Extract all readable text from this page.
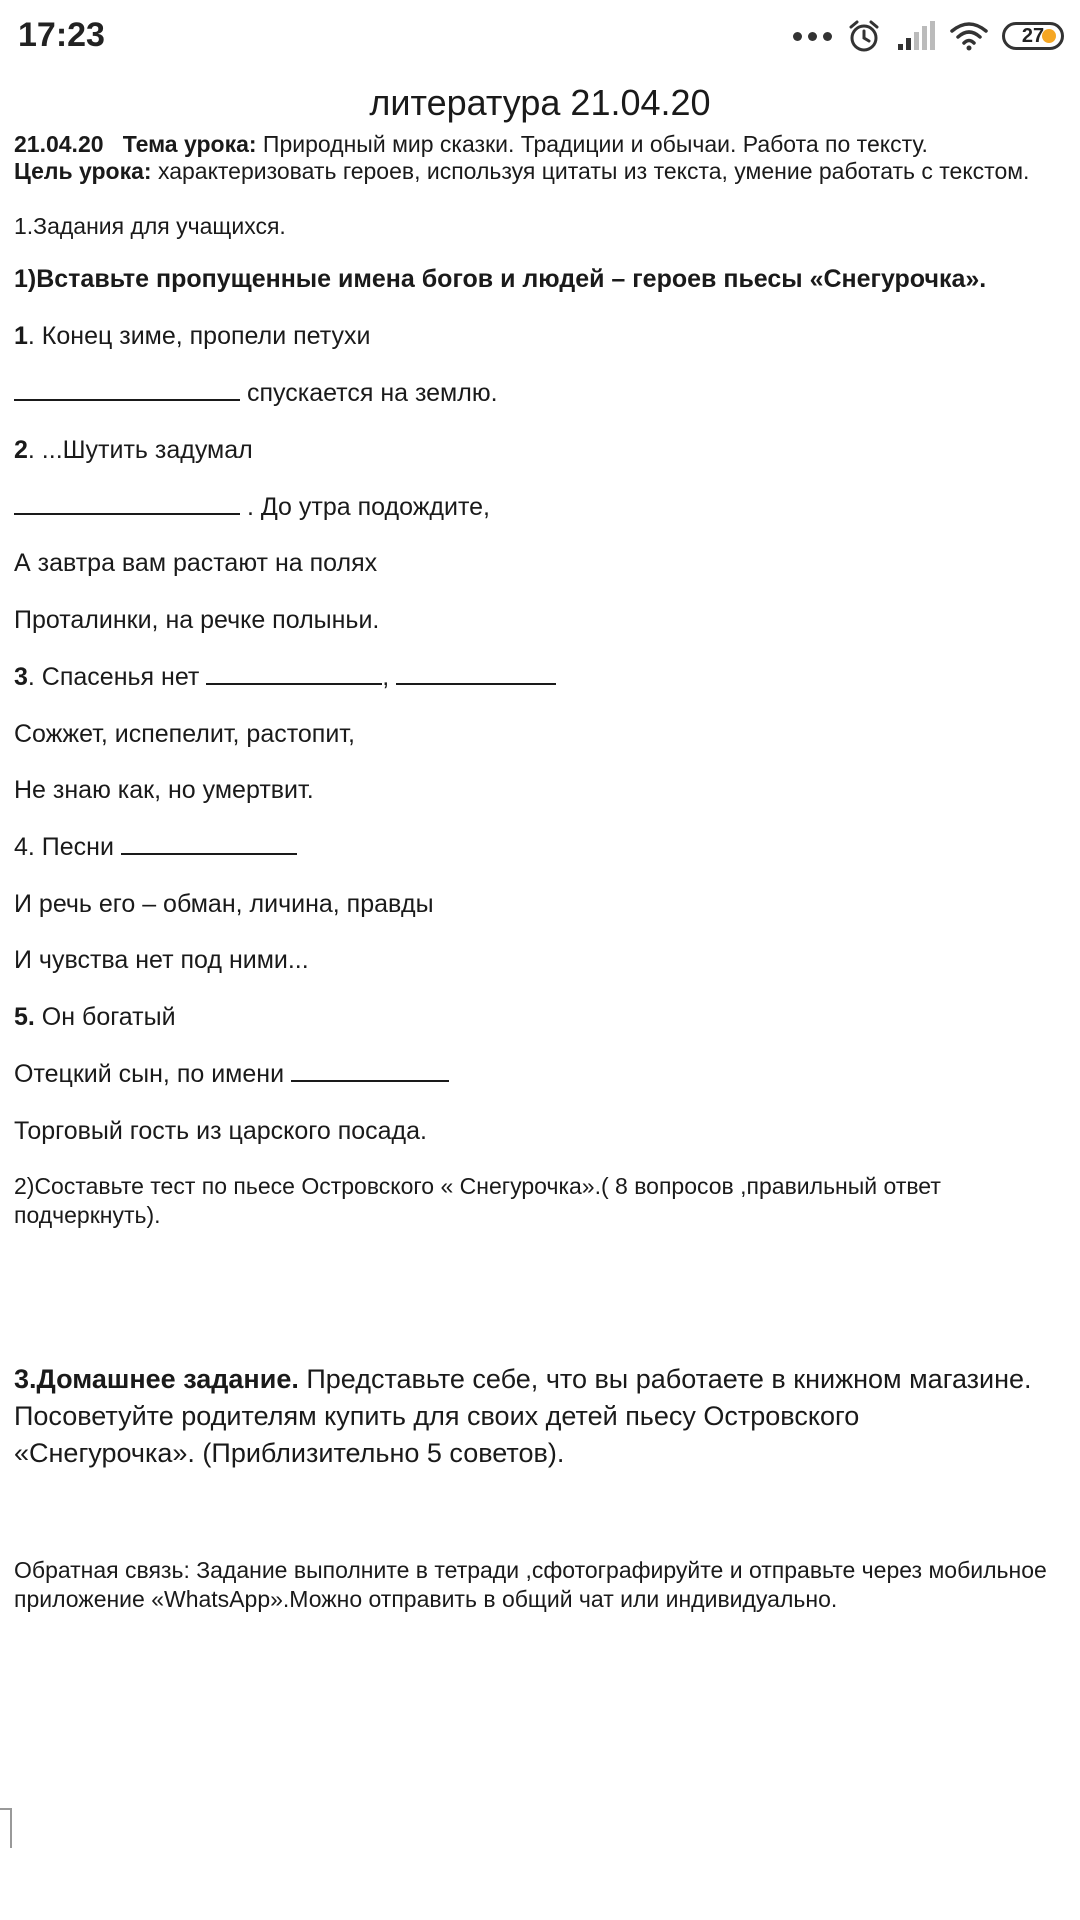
17:23	27
литература 21.04.20
21.04.20 Тема урока: Природный мир сказки. Традиции и обычаи. Работа по тексту.
Цель урока: характеризовать героев, используя цитаты из текста, умение работать с текстом.
1.Задания для учащихся.
1)Вставьте пропущенные имена богов и людей – героев пьесы «Снегурочка».
1. Конец зиме, пропели петухи
спускается на землю.
2. ...Шутить задумал
. До утра подождите,
А завтра вам растают на полях
Проталинки, на речке полыньи.
3. Спасенья нет	,
Сожжет, испепелит, растопит,
Не знаю как, но умертвит.
4. Песни
И речь его – обман, личина, правды
И чувства нет под ними...
5. Он богатый
Отецкий сын, по имени
Торговый гость из царского посада.
2)Составьте тест по пьесе Островского « Снегурочка».( 8 вопросов ,правильный ответ
подчеркнуть).
3.Домашнее задание. Представьте себе, что вы работаете в книжном магазине.
Посоветуйте родителям купить для своих детей пьесу Островского
«Снегурочка». (Приблизительно 5 советов).
Обратная связь: Задание выполните в тетради ,сфотографируйте и отправьте через мобильное
приложение «WhatsApp».Можно отправить в общий чат или индивидуально.
